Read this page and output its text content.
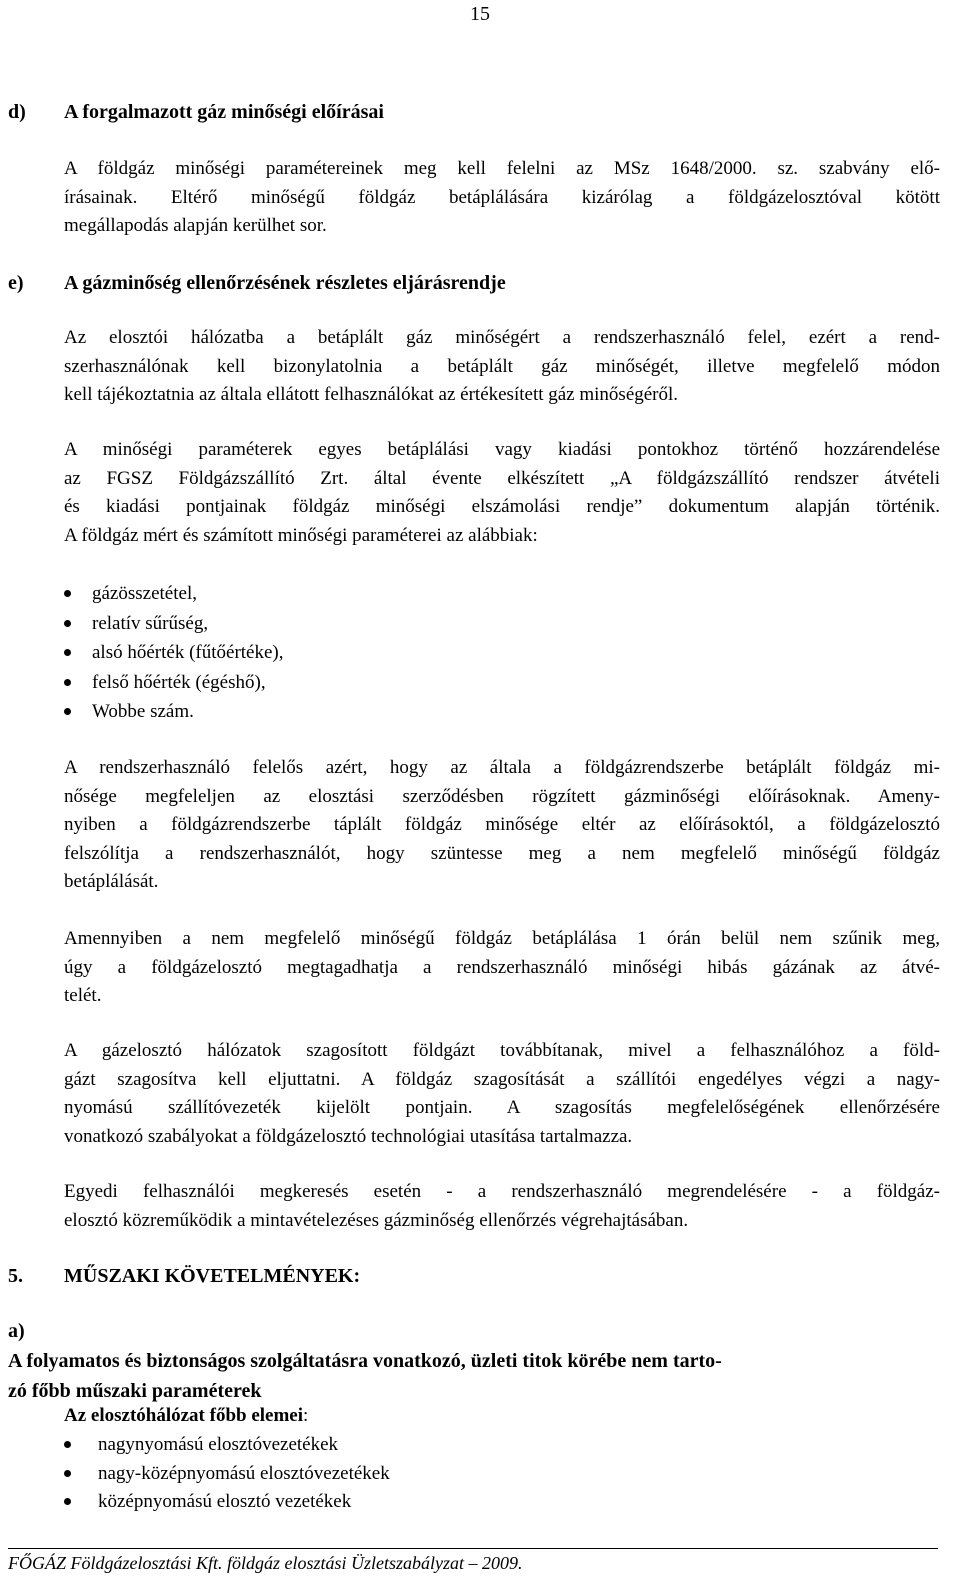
15
d) A forgalmazott gáz minőségi előírásai
A földgáz minőségi paramétereinek meg kell felelni az MSz 1648/2000. sz. szabvány elő-
írásainak. Eltérő minőségű földgáz betáplálására kizárólag a földgázelosztóval kötött
megállapodás alapján kerülhet sor.
e) A gázminőség ellenőrzésének részletes eljárásrendje
Az elosztói hálózatba a betáplált gáz minőségért a rendszerhasználó felel, ezért a rend-
szerhasználónak kell bizonylatolnia a betáplált gáz minőségét, illetve megfelelő módon
kell tájékoztatnia az általa ellátott felhasználókat az értékesített gáz minőségéről.
A minőségi paraméterek egyes betáplálási vagy kiadási pontokhoz történő hozzárendelése
az FGSZ Földgázszállító Zrt. által évente elkészített „A földgázszállító rendszer átvételi
és kiadási pontjainak földgáz minőségi elszámolási rendje” dokumentum alapján történik.
A földgáz mért és számított minőségi paraméterei az alábbiak:
gázösszetétel,
relatív sűrűség,
alsó hőérték (fűtőértéke),
felső hőérték (égéshő),
Wobbe szám.
A rendszerhasználó felelős azért, hogy az általa a földgázrendszerbe betáplált földgáz mi-
nősége megfeleljen az elosztási szerződésben rögzített gázminőségi előírásoknak. Ameny-
nyiben a földgázrendszerbe táplált földgáz minősége eltér az előírásoktól, a földgázelosztó
felszólítja a rendszerhasználót, hogy szüntesse meg a nem megfelelő minőségű földgáz
betáplálását.
Amennyiben a nem megfelelő minőségű földgáz betáplálása 1 órán belül nem szűnik meg,
úgy a földgázelosztó megtagadhatja a rendszerhasználó minőségi hibás gázának az átvé-
telét.
A gázelosztó hálózatok szagosított földgázt továbbítanak, mivel a felhasználóhoz a föld-
gázt szagosítva kell eljuttatni. A földgáz szagosítását a szállítói engedélyes végzi a nagy-
nyomású szállítóvezeték kijelölt pontjain. A szagosítás megfelelőségének ellenőrzésére
vonatkozó szabályokat a földgázelosztó technológiai utasítása tartalmazza.
Egyedi felhasználói megkeresés esetén - a rendszerhasználó megrendelésére - a földgáz-
elosztó közreműködik a mintavételezéses gázminőség ellenőrzés végrehajtásában.
5. MŰSZAKI KÖVETELMÉNYEK:
a)A folyamatos és biztonságos szolgáltatásra vonatkozó, üzleti titok körébe nem tarto-
zó főbb műszaki paraméterek
Az elosztóhálózat főbb elemei:
nagynyomású elosztóvezetékek
nagy-középnyomású elosztóvezetékek
középnyomású elosztó vezetékek
FŐGÁZ Földgázelosztási Kft. földgáz elosztási Üzletszabályzat – 2009.
